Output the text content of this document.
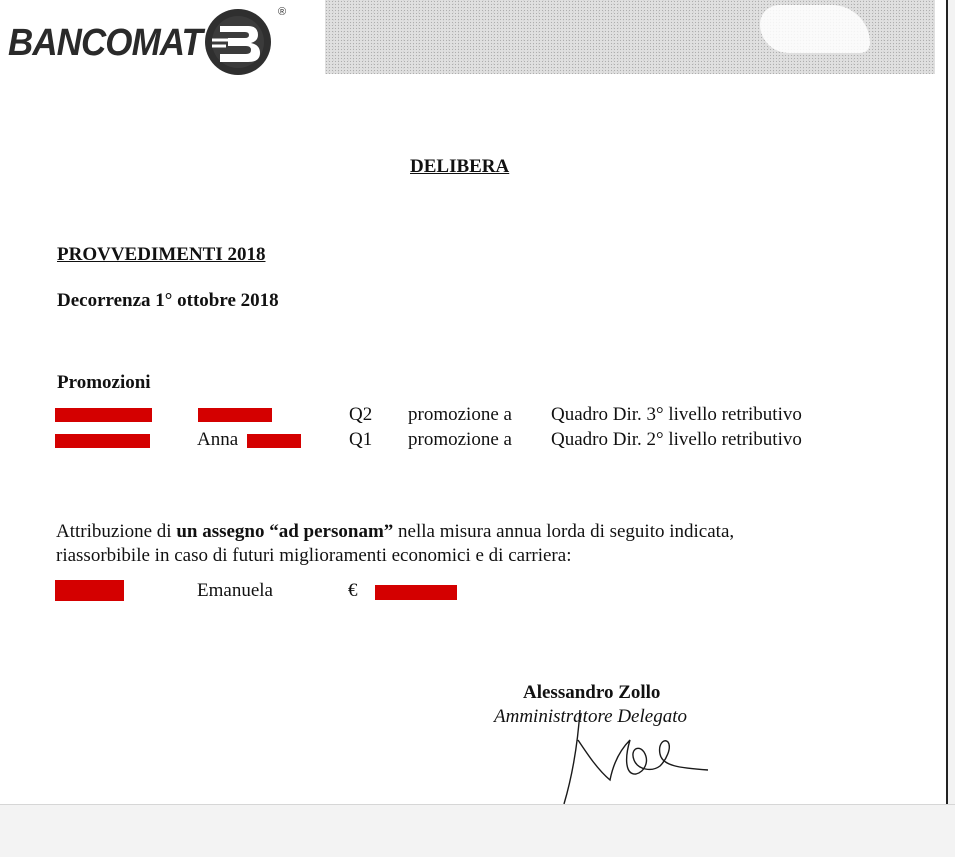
BANCOMAT
®
DELIBERA
PROVVEDIMENTI 2018
Decorrenza 1° ottobre 2018
Promozioni
Q2 promozione a Quadro Dir. 3° livello retributivo
Anna	Q1 promozione a Quadro Dir. 2° livello retributivo
Attribuzione di un assegno “ad personam” nella misura annua lorda di seguito indicata,
riassorbibile in caso di futuri miglioramenti economici e di carriera:
Emanuela	€
Alessandro Zollo
Amministratore Delegato
